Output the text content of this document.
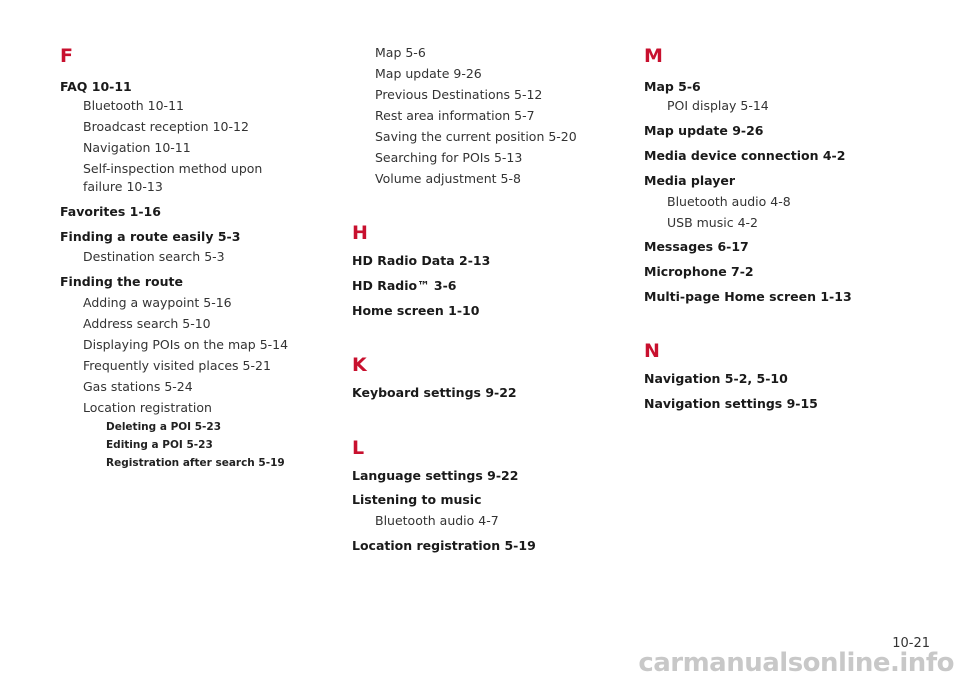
F
FAQ 10-11
Bluetooth 10-11
Broadcast reception 10-12
Navigation 10-11
Self-inspection method upon
failure 10-13
Favorites 1-16
Finding a route easily 5-3
Destination search 5-3
Finding the route
Adding a waypoint 5-16
Address search 5-10
Displaying POIs on the map 5-14
Frequently visited places 5-21
Gas stations 5-24
Location registration
Deleting a POI 5-23
Editing a POI 5-23
Registration after search 5-19
Map 5-6
Map update 9-26
Previous Destinations 5-12
Rest area information 5-7
Saving the current position 5-20
Searching for POIs 5-13
Volume adjustment 5-8
H
HD Radio Data 2-13
HD Radio™ 3-6
Home screen 1-10
K
Keyboard settings 9-22
L
Language settings 9-22
Listening to music
Bluetooth audio 4-7
Location registration 5-19
M
Map 5-6
POI display 5-14
Map update 9-26
Media device connection 4-2
Media player
Bluetooth audio 4-8
USB music 4-2
Messages 6-17
Microphone 7-2
Multi-page Home screen 1-13
N
Navigation 5-2, 5-10
Navigation settings 9-15
10-21
carmanualsonline.info
